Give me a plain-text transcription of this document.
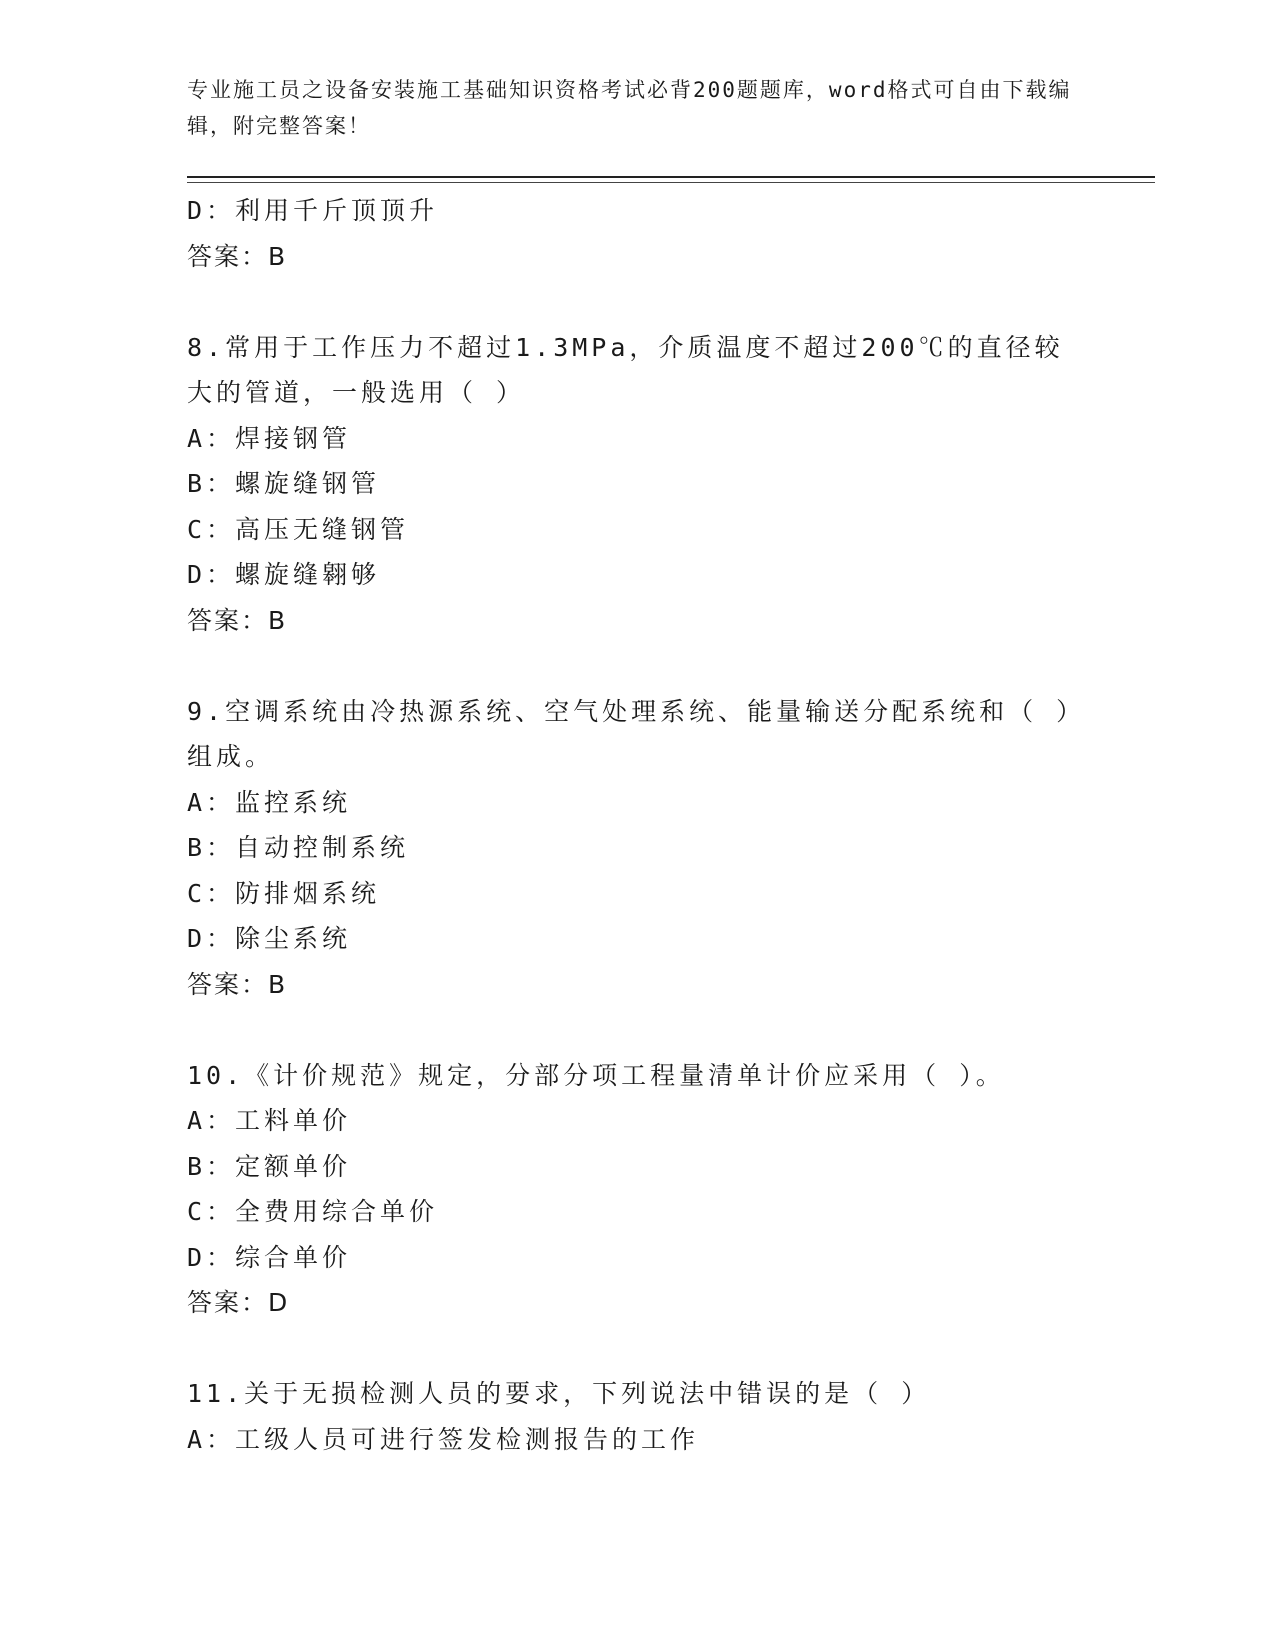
专业施工员之设备安装施工基础知识资格考试必背200题题库，word格式可自由下载编辑，附完整答案！
D：利用千斤顶顶升
答案：B
8.常用于工作压力不超过1.3MPa，介质温度不超过200℃的直径较大的管道，一般选用（ ）
A：焊接钢管
B：螺旋缝钢管
C：高压无缝钢管
D：螺旋缝翱够
答案：B
9.空调系统由冷热源系统、空气处理系统、能量输送分配系统和（ ）组成。
A：监控系统
B：自动控制系统
C：防排烟系统
D：除尘系统
答案：B
10.《计价规范》规定，分部分项工程量清单计价应采用（ ）。
A：工料单价
B：定额单价
C：全费用综合单价
D：综合单价
答案：D
11.关于无损检测人员的要求，下列说法中错误的是（ ）
A：工级人员可进行签发检测报告的工作
